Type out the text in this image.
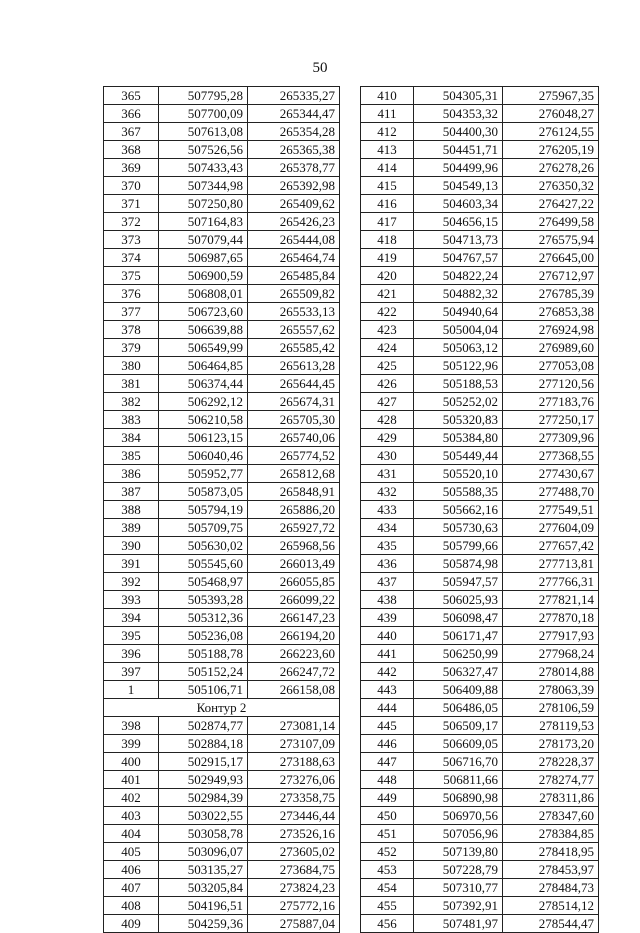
50
365	507795,28	265335,27
366	507700,09	265344,47
367	507613,08	265354,28
368	507526,56	265365,38
369	507433,43	265378,77
370	507344,98	265392,98
371	507250,80	265409,62
372	507164,83	265426,23
373	507079,44	265444,08
374	506987,65	265464,74
375	506900,59	265485,84
376	506808,01	265509,82
377	506723,60	265533,13
378	506639,88	265557,62
379	506549,99	265585,42
380	506464,85	265613,28
381	506374,44	265644,45
382	506292,12	265674,31
383	506210,58	265705,30
384	506123,15	265740,06
385	506040,46	265774,52
386	505952,77	265812,68
387	505873,05	265848,91
388	505794,19	265886,20
389	505709,75	265927,72
390	505630,02	265968,56
391	505545,60	266013,49
392	505468,97	266055,85
393	505393,28	266099,22
394	505312,36	266147,23
395	505236,08	266194,20
396	505188,78	266223,60
397	505152,24	266247,72
1	505106,71	266158,08
Контур 2		
398	502874,77	273081,14
399	502884,18	273107,09
400	502915,17	273188,63
401	502949,93	273276,06
402	502984,39	273358,75
403	503022,55	273446,44
404	503058,78	273526,16
405	503096,07	273605,02
406	503135,27	273684,75
407	503205,84	273824,23
408	504196,51	275772,16
409	504259,36	275887,04
410	504305,31	275967,35
411	504353,32	276048,27
412	504400,30	276124,55
413	504451,71	276205,19
414	504499,96	276278,26
415	504549,13	276350,32
416	504603,34	276427,22
417	504656,15	276499,58
418	504713,73	276575,94
419	504767,57	276645,00
420	504822,24	276712,97
421	504882,32	276785,39
422	504940,64	276853,38
423	505004,04	276924,98
424	505063,12	276989,60
425	505122,96	277053,08
426	505188,53	277120,56
427	505252,02	277183,76
428	505320,83	277250,17
429	505384,80	277309,96
430	505449,44	277368,55
431	505520,10	277430,67
432	505588,35	277488,70
433	505662,16	277549,51
434	505730,63	277604,09
435	505799,66	277657,42
436	505874,98	277713,81
437	505947,57	277766,31
438	506025,93	277821,14
439	506098,47	277870,18
440	506171,47	277917,93
441	506250,99	277968,24
442	506327,47	278014,88
443	506409,88	278063,39
444	506486,05	278106,59
445	506509,17	278119,53
446	506609,05	278173,20
447	506716,70	278228,37
448	506811,66	278274,77
449	506890,98	278311,86
450	506970,56	278347,60
451	507056,96	278384,85
452	507139,80	278418,95
453	507228,79	278453,97
454	507310,77	278484,73
455	507392,91	278514,12
456	507481,97	278544,47
